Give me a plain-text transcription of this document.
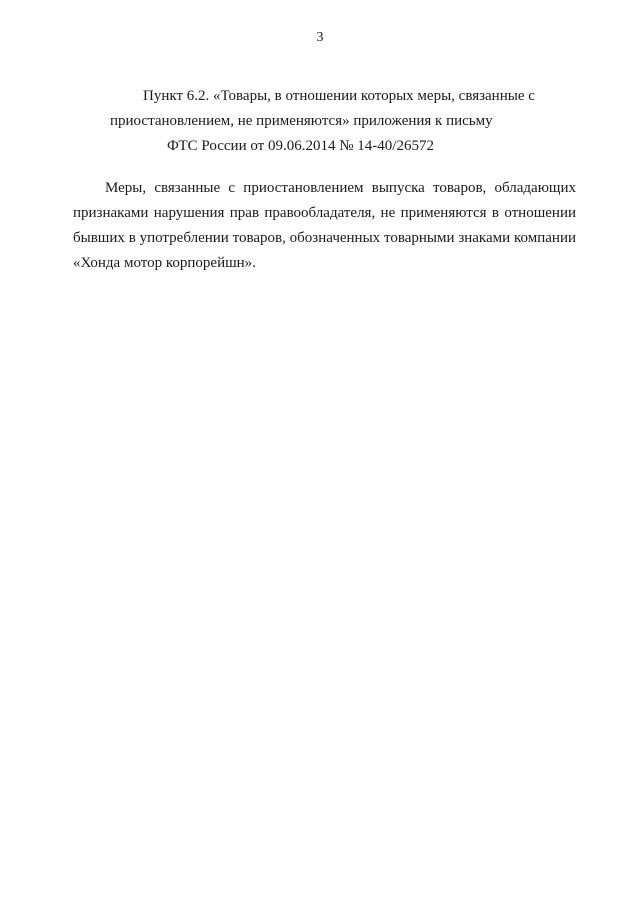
3
Пункт 6.2. «Товары, в отношении которых меры, связанные с
приостановлением, не применяются» приложения к письму
ФТС России от 09.06.2014 № 14-40/26572
Меры, связанные с приостановлением выпуска товаров, обладающих
признаками нарушения прав правообладателя, не применяются в отношении
бывших в употреблении товаров, обозначенных товарными знаками компании
«Хонда мотор корпорейшн».
